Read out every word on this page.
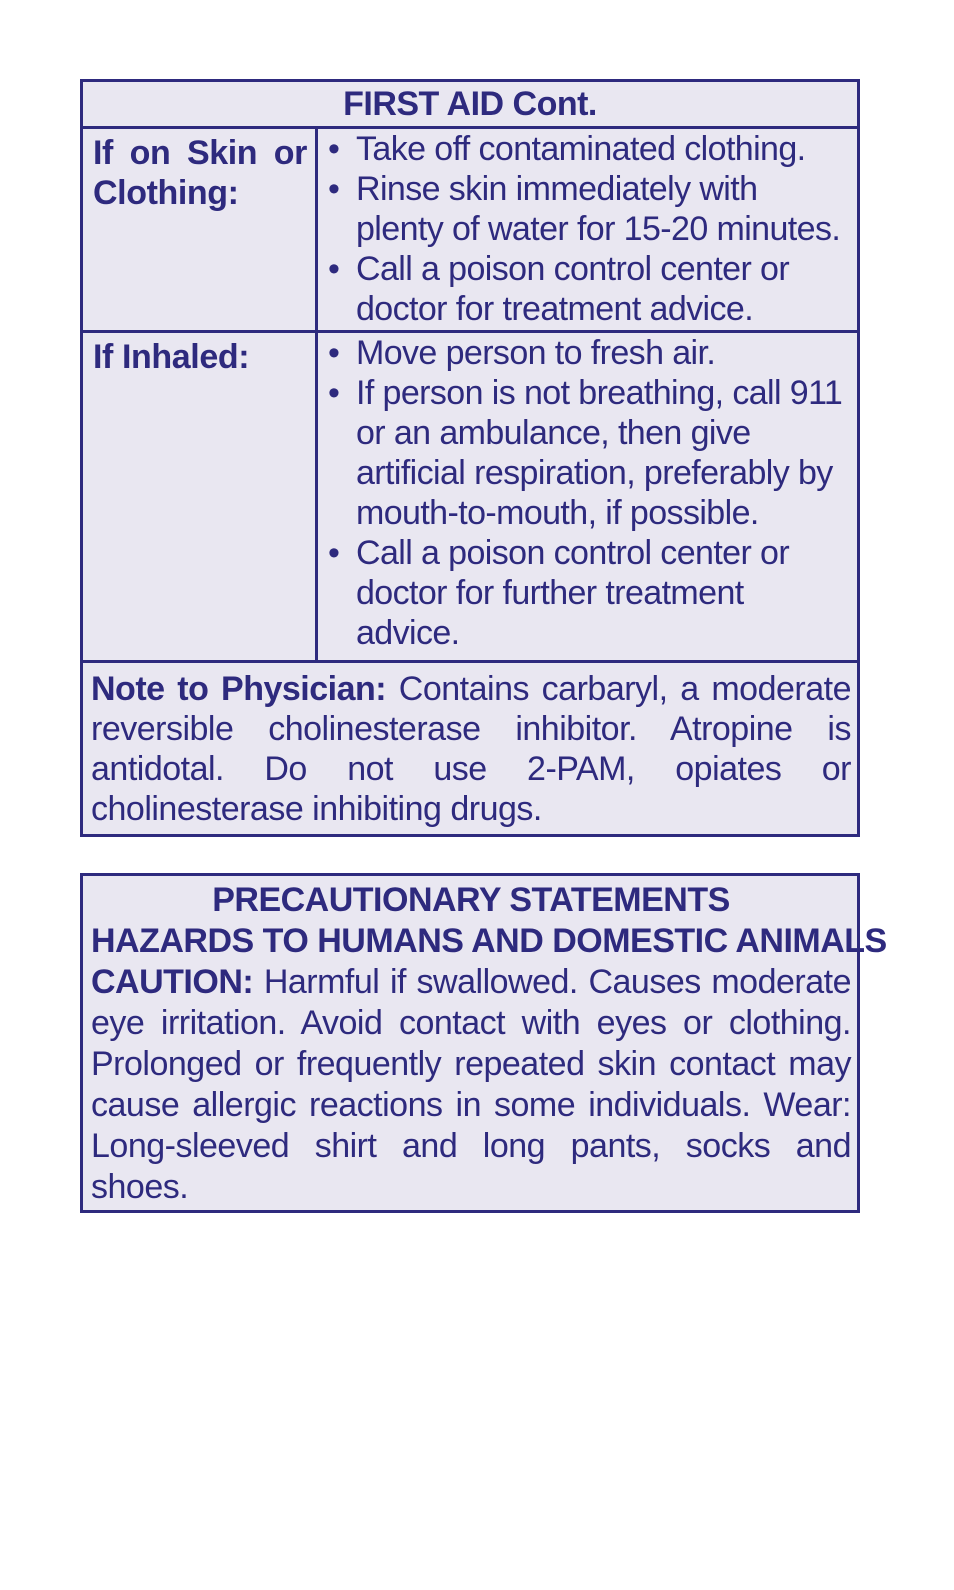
FIRST AID Cont.
If on Skin or Clothing:
• Take off contaminated clothing.
• Rinse skin immediately with plenty of water for 15-20 minutes.
• Call a poison control center or doctor for treatment advice.
If Inhaled:	• Move person to fresh air.
• If person is not breathing, call 911 or an ambulance, then give artificial respiration, preferably by mouth-to-mouth, if possible.
• Call a poison control center or doctor for further treatment advice.
Note to Physician: Contains carbaryl, a moderate reversible cholinesterase inhibitor. Atropine is antidotal. Do not use 2-PAM, opiates or cholinesterase inhibiting drugs.
PRECAUTIONARY STATEMENTS
HAZARDS TO HUMANS AND DOMESTIC ANIMALS
CAUTION: Harmful if swallowed. Causes moderate eye irritation. Avoid contact with eyes or clothing. Prolonged or frequently repeated skin contact may cause allergic reactions in some individuals. Wear: Long-sleeved shirt and long pants, socks and shoes.
